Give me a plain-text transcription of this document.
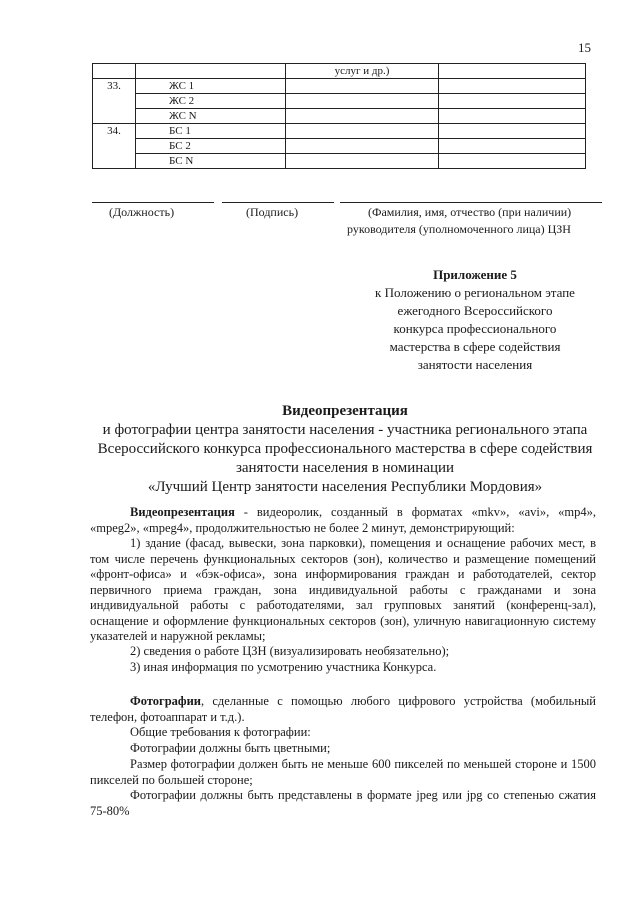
15
		услуг и др.)	
33.	ЖС 1		
	ЖС 2		
	ЖС N		
34.	БС 1		
	БС 2		
	БС N		
(Должность)	(Подпись)	(Фамилия, имя, отчество (при наличии)
руководителя (уполномоченного лица) ЦЗН
Приложение 5
к Положению о региональном этапе
ежегодного Всероссийского
конкурса профессионального
мастерства в сфере содействия
занятости населения
Видеопрезентация
и фотографии центра занятости населения - участника регионального этапа
Всероссийского конкурса профессионального мастерства в сфере содействия
занятости населения в номинации
«Лучший Центр занятости населения Республики Мордовия»
Видеопрезентация - видеоролик, созданный в форматах «mkv», «avi», «mp4», «mpeg2», «mpeg4», продолжительностью не более 2 минут, демонстрирующий:
1) здание (фасад, вывески, зона парковки), помещения и оснащение рабочих мест, в том числе перечень функциональных секторов (зон), количество и размещение помещений «фронт-офиса» и «бэк-офиса», зона информирования граждан и работодателей, сектор первичного приема граждан, зона индивидуальной работы с гражданами и зона индивидуальной работы с работодателями, зал групповых занятий (конференц-зал), оснащение и оформление функциональных секторов (зон), уличную навигационную систему указателей и наружной рекламы;
2) сведения о работе ЦЗН (визуализировать необязательно);
3) иная информация по усмотрению участника Конкурса.
Фотографии, сделанные с помощью любого цифрового устройства (мобильный телефон, фотоаппарат и т.д.).
Общие требования к фотографии:
Фотографии должны быть цветными;
Размер фотографии должен быть не меньше 600 пикселей по меньшей стороне и 1500 пикселей по большей стороне;
Фотографии должны быть представлены в формате jpeg или jpg со степенью сжатия 75-80%
